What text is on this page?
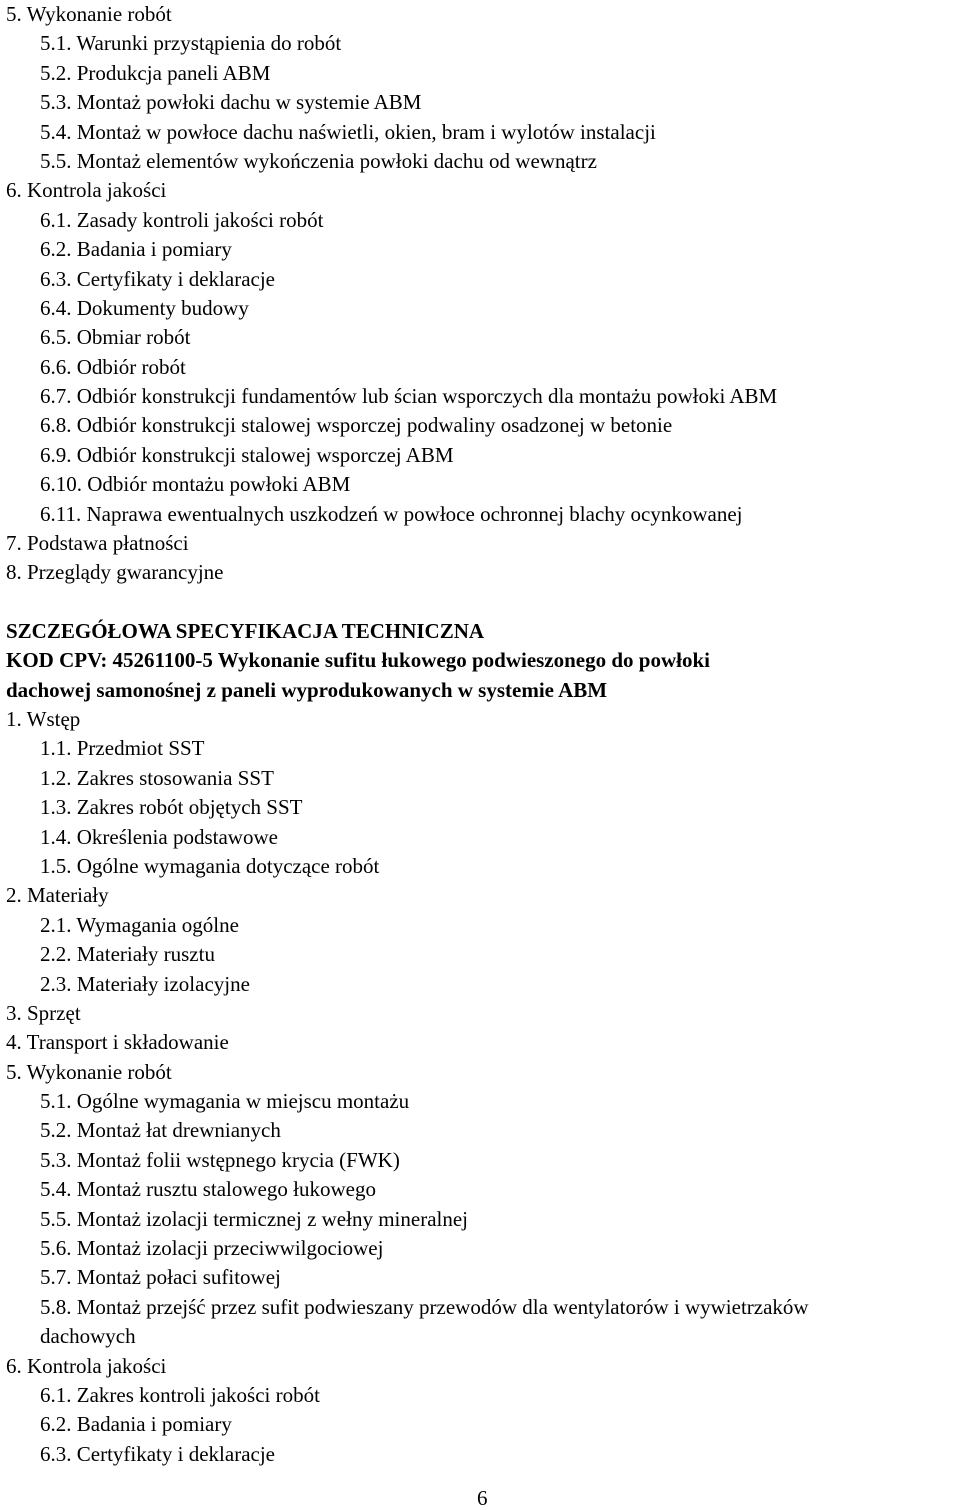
5. Wykonanie robót
5.1. Warunki przystąpienia do robót
5.2. Produkcja paneli ABM
5.3. Montaż powłoki dachu w systemie ABM
5.4. Montaż w powłoce dachu naświetli, okien, bram i wylotów instalacji
5.5. Montaż elementów wykończenia powłoki dachu od wewnątrz
6. Kontrola jakości
6.1. Zasady kontroli jakości robót
6.2. Badania i pomiary
6.3. Certyfikaty i deklaracje
6.4. Dokumenty budowy
6.5. Obmiar robót
6.6. Odbiór robót
6.7. Odbiór konstrukcji fundamentów lub ścian wsporczych dla montażu powłoki ABM
6.8. Odbiór konstrukcji stalowej wsporczej podwaliny osadzonej w betonie
6.9. Odbiór konstrukcji stalowej wsporczej ABM
6.10. Odbiór montażu powłoki ABM
6.11. Naprawa ewentualnych uszkodzeń w powłoce ochronnej blachy ocynkowanej
7. Podstawa płatności
8. Przeglądy gwarancyjne
SZCZEGÓŁOWA SPECYFIKACJA TECHNICZNA
KOD CPV: 45261100-5 Wykonanie sufitu łukowego podwieszonego do powłoki
dachowej samonośnej z paneli wyprodukowanych w systemie ABM
1. Wstęp
1.1. Przedmiot SST
1.2. Zakres stosowania SST
1.3. Zakres robót objętych SST
1.4. Określenia podstawowe
1.5. Ogólne wymagania dotyczące robót
2. Materiały
2.1. Wymagania ogólne
2.2. Materiały rusztu
2.3. Materiały izolacyjne
3. Sprzęt
4. Transport i składowanie
5. Wykonanie robót
5.1. Ogólne wymagania w miejscu montażu
5.2. Montaż łat drewnianych
5.3. Montaż folii wstępnego krycia (FWK)
5.4. Montaż rusztu stalowego łukowego
5.5. Montaż izolacji termicznej z wełny mineralnej
5.6. Montaż izolacji przeciwwilgociowej
5.7. Montaż połaci sufitowej
5.8. Montaż przejść przez sufit podwieszany przewodów dla wentylatorów i wywietrzaków
dachowych
6. Kontrola jakości
6.1. Zakres kontroli jakości robót
6.2. Badania i pomiary
6.3. Certyfikaty i deklaracje
6
